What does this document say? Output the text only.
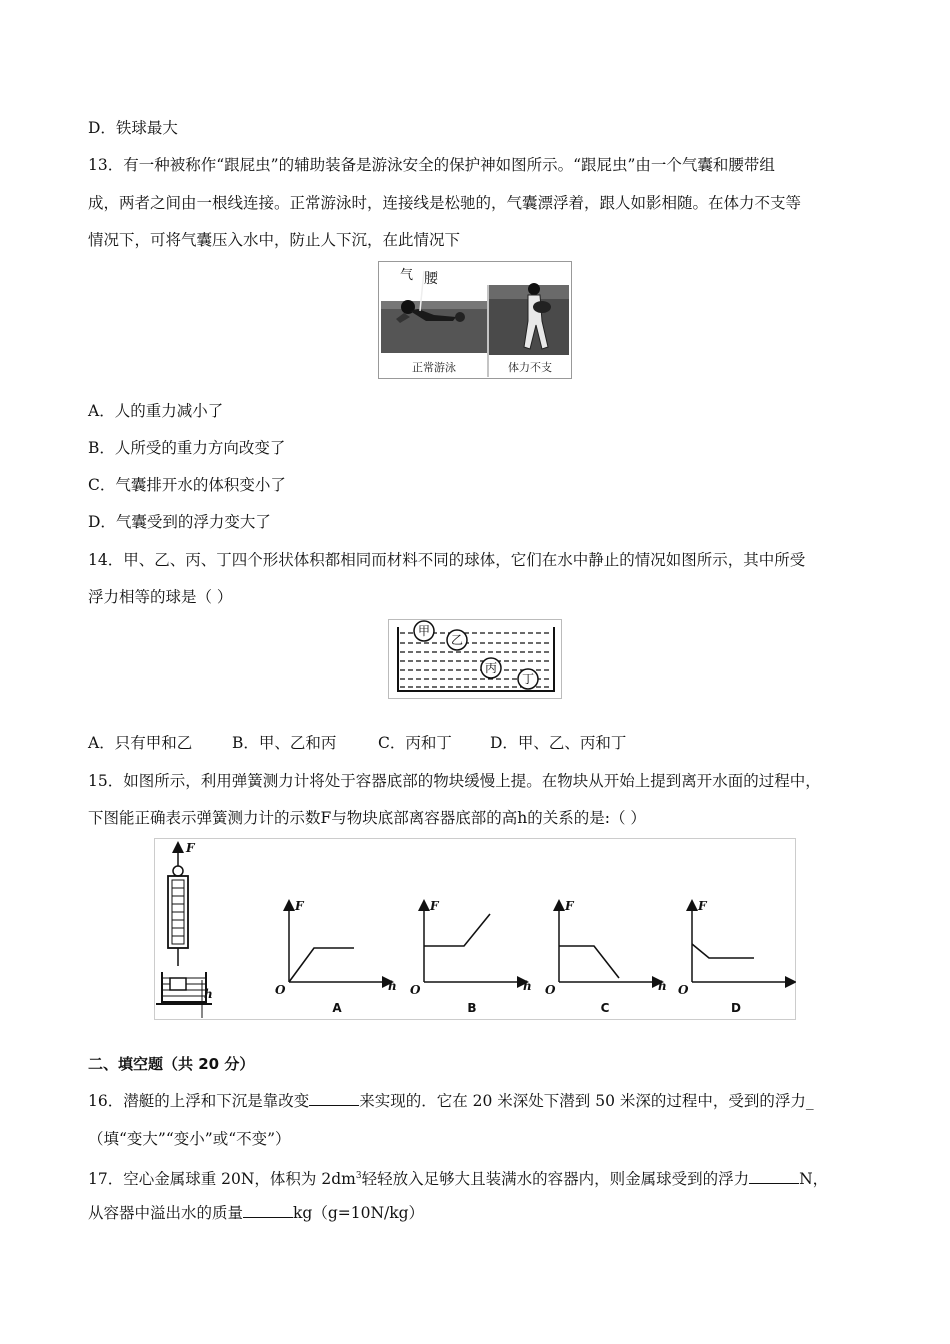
D．铁球最大
13．有一种被称作“跟屁虫”的辅助装备是游泳安全的保护神如图所示。“跟屁虫”由一个气囊和腰带组
成，两者之间由一根线连接。正常游泳时，连接线是松驰的，气囊漂浮着，跟人如影相随。在体力不支等
情况下，可将气囊压入水中，防止人下沉，在此情况下
气 腰
正常游泳	体力不支
A．人的重力减小了
B．人所受的重力方向改变了
C．气囊排开水的体积变小了
D．气囊受到的浮力变大了
14．甲、乙、丙、丁四个形状体积都相同而材料不同的球体，它们在水中静止的情况如图所示，其中所受
浮力相等的球是（ ）
甲
乙
丙
丁
A．只有甲和乙	B．甲、乙和丙	C．丙和丁 D．甲、乙、丙和丁
15．如图所示，利用弹簧测力计将处于容器底部的物块缓慢上提。在物块从开始上提到离开水面的过程中，
下图能正确表示弹簧测力计的示数F与物块底部离容器底部的高h的关系的是:（ ）
F
h
F
h
O
F
h
O
F
h
O
F
O
A	B	C	D
二、填空题（共 20 分）
16．潜艇的上浮和下沉是靠改变	来实现的．它在 20 米深处下潜到 50 米深的过程中，受到的浮力_
（填“变大”“变小”或“不变”）
17．空心金属球重 20N，体积为 $2dm^3$轻轻放入足够大且装满水的容器内，则金属球受到的浮力	N，
从容器中溢出水的质量	kg（g=10N/kg）
